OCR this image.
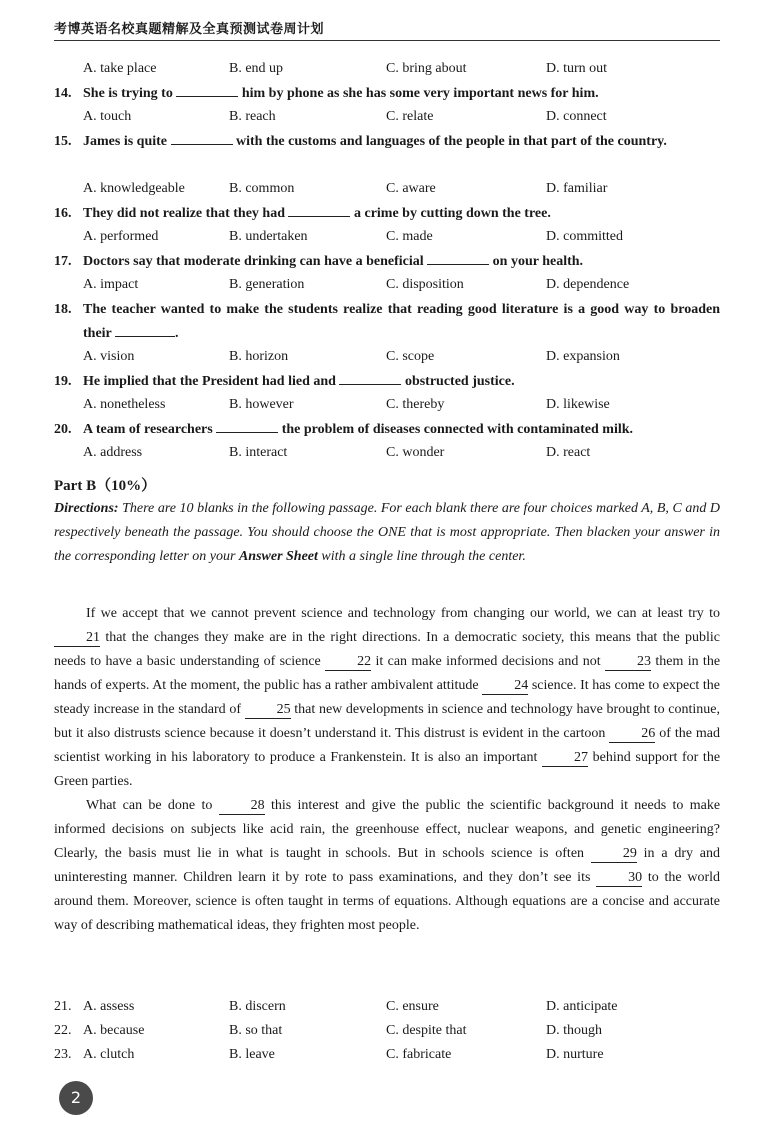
考博英语名校真题精解及全真预测试卷周计划
A. take place	B. end up	C. bring about	D. turn out
14. She is trying to	him by phone as she has some very important news for him.
A. touch	B. reach	C. relate	D. connect
15. James is quite	with the customs and languages of the people in that part of the country.
A. knowledgeable	B. common	C. aware	D. familiar
16. They did not realize that they had	a crime by cutting down the tree.
A. performed	B. undertaken	C. made	D. committed
17. Doctors say that moderate drinking can have a beneficial	on your health.
A. impact	B. generation	C. disposition	D. dependence
18. The teacher wanted to make the students realize that reading good literature is a good way to broaden their	.
A. vision	B. horizon	C. scope	D. expansion
19. He implied that the President had lied and	obstructed justice.
A. nonetheless	B. however	C. thereby	D. likewise
20. A team of researchers	the problem of diseases connected with contaminated milk.
A. address	B. interact	C. wonder	D. react
Part B（10%）
Directions: There are 10 blanks in the following passage. For each blank there are four choices marked A, B, C and D respectively beneath the passage. You should choose the ONE that is most appropriate. Then blacken your answer in the corresponding letter on your Answer Sheet with a single line through the center.

If we accept that we cannot prevent science and technology from changing our world, we can at least try to 21 that the changes they make are in the right directions. In a democratic society, this means that the public needs to have a basic understanding of science	22 it can make informed decisions and not	23 them in the hands of experts. At the moment, the public has a rather ambivalent attitude	24 science. It has come to expect the steady increase in the standard of	25 that new developments in science and technology have brought to continue, but it also distrusts science because it doesn’t understand it. This distrust is evident in the cartoon	26 of the mad scientist working in his laboratory to produce a Frankenstein. It is also an important	27 behind support for the Green parties.

What can be done to	28 this interest and give the public the scientific background it needs to make informed decisions on subjects like acid rain, the greenhouse effect, nuclear weapons, and genetic engineering? Clearly, the basis must lie in what is taught in schools. But in schools science is often	29 in a dry and uninteresting manner. Children learn it by rote to pass examinations, and they don’t see its	30 to the world around them. Moreover, science is often taught in terms of equations. Although equations are a concise and accurate way of describing mathematical ideas, they frighten most people.

21. A. assess	B. discern	C. ensure	D. anticipate
22. A. because	B. so that	C. despite that	D. though
23. A. clutch	B. leave	C. fabricate	D. nurture
2
